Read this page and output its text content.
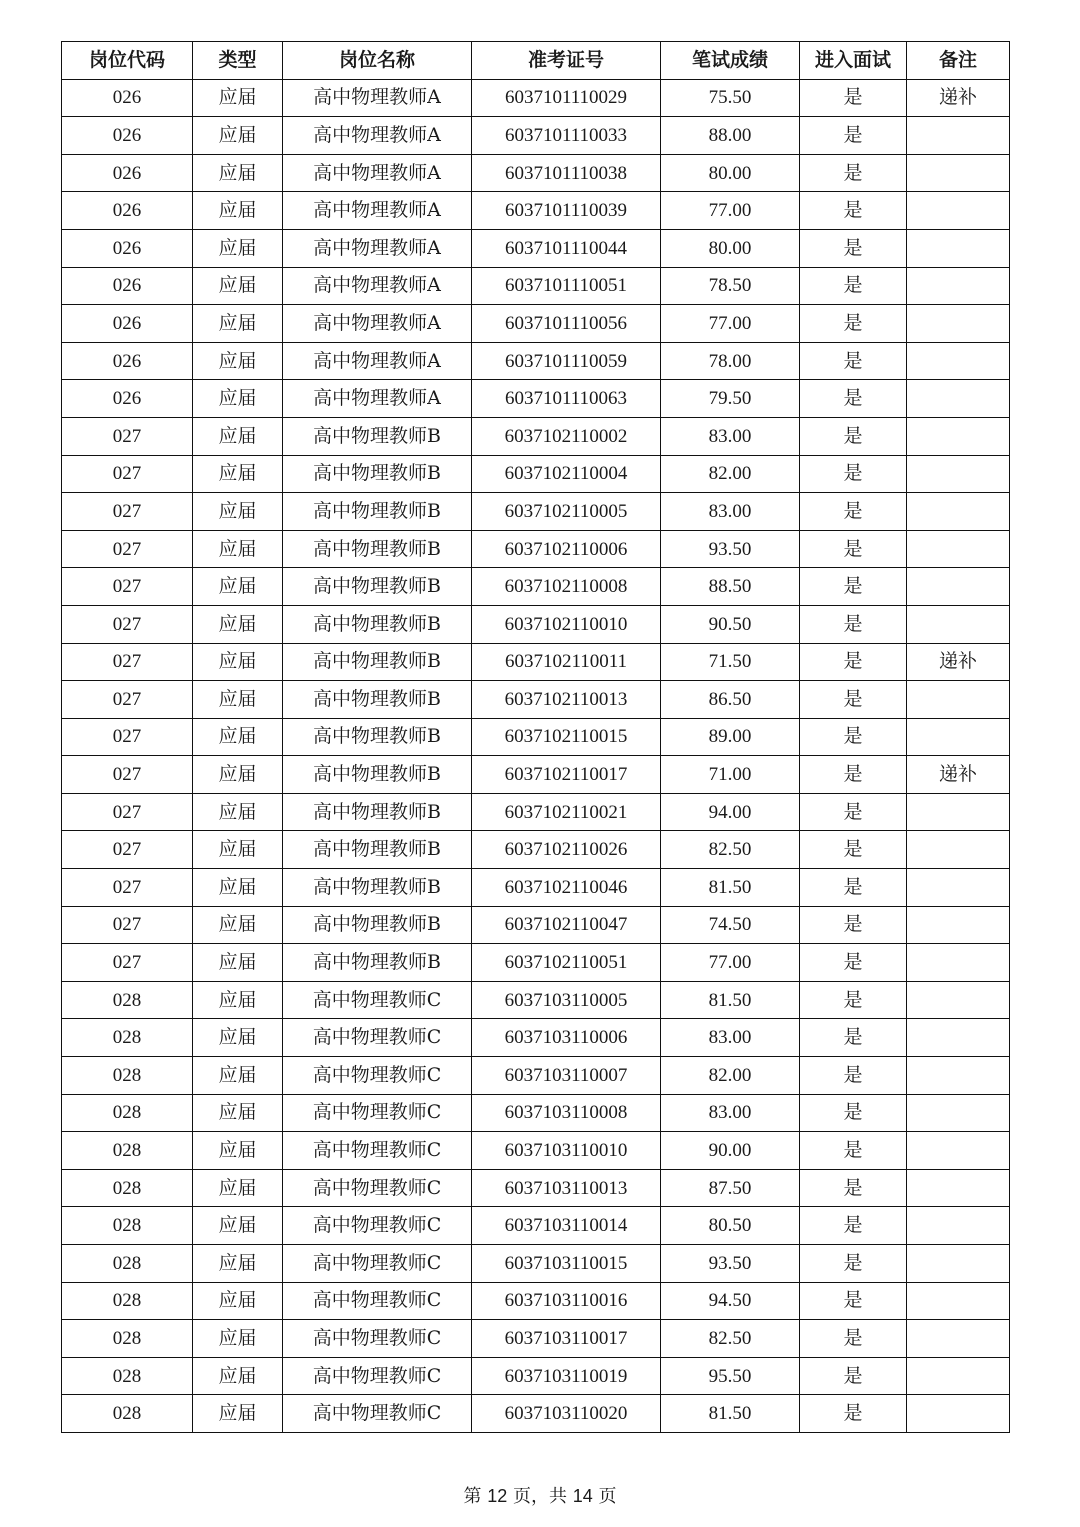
岗位代码	类型	岗位名称	准考证号	笔试成绩	进入面试	备注
026	应届	高中物理教师A	6037101110029	75.50	是	递补
026	应届	高中物理教师A	6037101110033	88.00	是	
026	应届	高中物理教师A	6037101110038	80.00	是	
026	应届	高中物理教师A	6037101110039	77.00	是	
026	应届	高中物理教师A	6037101110044	80.00	是	
026	应届	高中物理教师A	6037101110051	78.50	是	
026	应届	高中物理教师A	6037101110056	77.00	是	
026	应届	高中物理教师A	6037101110059	78.00	是	
026	应届	高中物理教师A	6037101110063	79.50	是	
027	应届	高中物理教师B	6037102110002	83.00	是	
027	应届	高中物理教师B	6037102110004	82.00	是	
027	应届	高中物理教师B	6037102110005	83.00	是	
027	应届	高中物理教师B	6037102110006	93.50	是	
027	应届	高中物理教师B	6037102110008	88.50	是	
027	应届	高中物理教师B	6037102110010	90.50	是	
027	应届	高中物理教师B	6037102110011	71.50	是	递补
027	应届	高中物理教师B	6037102110013	86.50	是	
027	应届	高中物理教师B	6037102110015	89.00	是	
027	应届	高中物理教师B	6037102110017	71.00	是	递补
027	应届	高中物理教师B	6037102110021	94.00	是	
027	应届	高中物理教师B	6037102110026	82.50	是	
027	应届	高中物理教师B	6037102110046	81.50	是	
027	应届	高中物理教师B	6037102110047	74.50	是	
027	应届	高中物理教师B	6037102110051	77.00	是	
028	应届	高中物理教师C	6037103110005	81.50	是	
028	应届	高中物理教师C	6037103110006	83.00	是	
028	应届	高中物理教师C	6037103110007	82.00	是	
028	应届	高中物理教师C	6037103110008	83.00	是	
028	应届	高中物理教师C	6037103110010	90.00	是	
028	应届	高中物理教师C	6037103110013	87.50	是	
028	应届	高中物理教师C	6037103110014	80.50	是	
028	应届	高中物理教师C	6037103110015	93.50	是	
028	应届	高中物理教师C	6037103110016	94.50	是	
028	应届	高中物理教师C	6037103110017	82.50	是	
028	应届	高中物理教师C	6037103110019	95.50	是	
028	应届	高中物理教师C	6037103110020	81.50	是	
第 12 页，共 14 页
